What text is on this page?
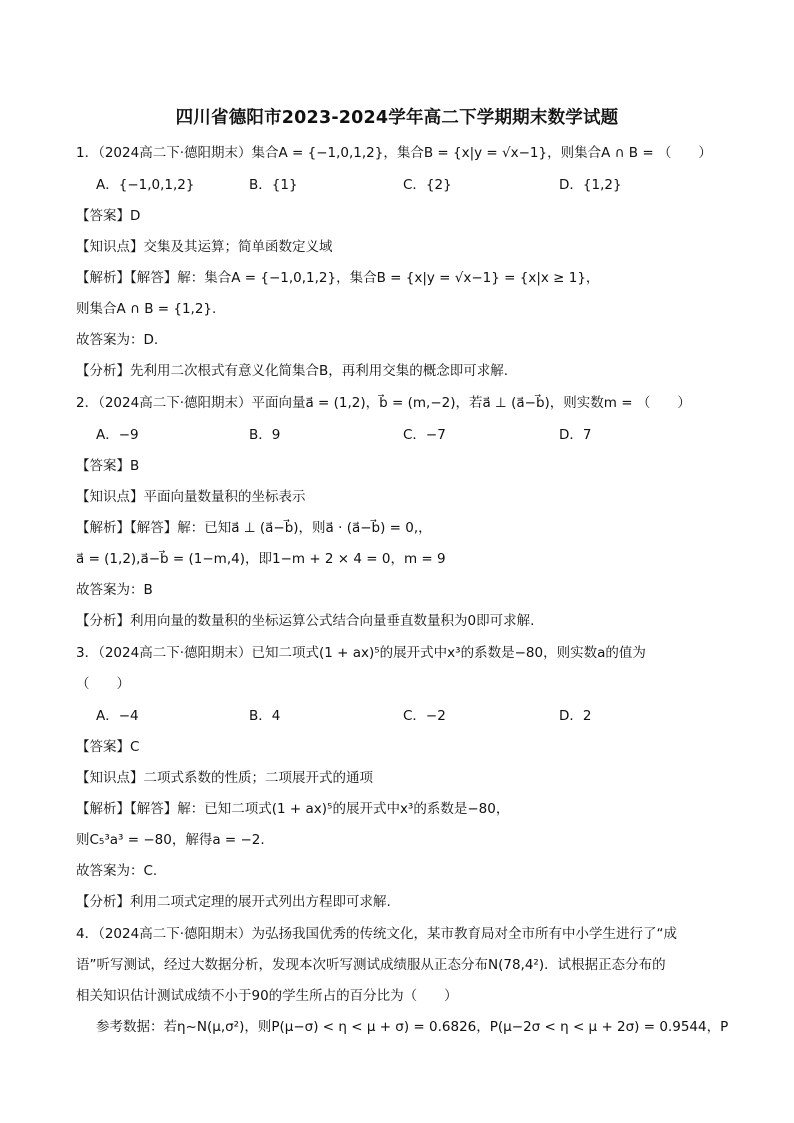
四川省德阳市2023-2024学年高二下学期期末数学试题
1．（2024高二下·德阳期末）集合A = {−1,0,1,2}，集合B = {x|y = √x−1}，则集合A ∩ B = （　　）
A．{−1,0,1,2}	B．{1}	C．{2}	D．{1,2}
【答案】D
【知识点】交集及其运算；简单函数定义域
【解析】【解答】解：集合A = {−1,0,1,2}，集合B = {x|y = √x−1} = {x|x ≥ 1}，
则集合A ∩ B = {1,2}.
故答案为：D.
【分析】先利用二次根式有意义化简集合B，再利用交集的概念即可求解.
2．（2024高二下·德阳期末）平面向量a⃗ = (1,2)，b⃗ = (m,−2)，若a⃗ ⊥ (a⃗−b⃗)，则实数m = （　　）
A．−9	B．9	C．−7	D．7
【答案】B
【知识点】平面向量数量积的坐标表示
【解析】【解答】解：已知a⃗ ⊥ (a⃗−b⃗)，则a⃗ · (a⃗−b⃗) = 0,，
a⃗ = (1,2),a⃗−b⃗ = (1−m,4)，即1−m + 2 × 4 = 0，m = 9
故答案为：B
【分析】利用向量的数量积的坐标运算公式结合向量垂直数量积为0即可求解.
3．（2024高二下·德阳期末）已知二项式(1 + ax)⁵的展开式中x³的系数是−80，则实数a的值为
（　　）
A．−4	B．4	C．−2	D．2
【答案】C
【知识点】二项式系数的性质；二项展开式的通项
【解析】【解答】解：已知二项式(1 + ax)⁵的展开式中x³的系数是−80，
则C₅³a³ = −80，解得a = −2.
故答案为：C.
【分析】利用二项式定理的展开式列出方程即可求解.
4．（2024高二下·德阳期末）为弘扬我国优秀的传统文化，某市教育局对全市所有中小学生进行了“成
语”听写测试，经过大数据分析，发现本次听写测试成绩服从正态分布N(78,4²)．试根据正态分布的
相关知识估计测试成绩不小于90的学生所占的百分比为（　　）
参考数据：若η~N(μ,σ²)，则P(μ−σ) < η < μ + σ) = 0.6826，P(μ−2σ < η < μ + 2σ) = 0.9544，P
